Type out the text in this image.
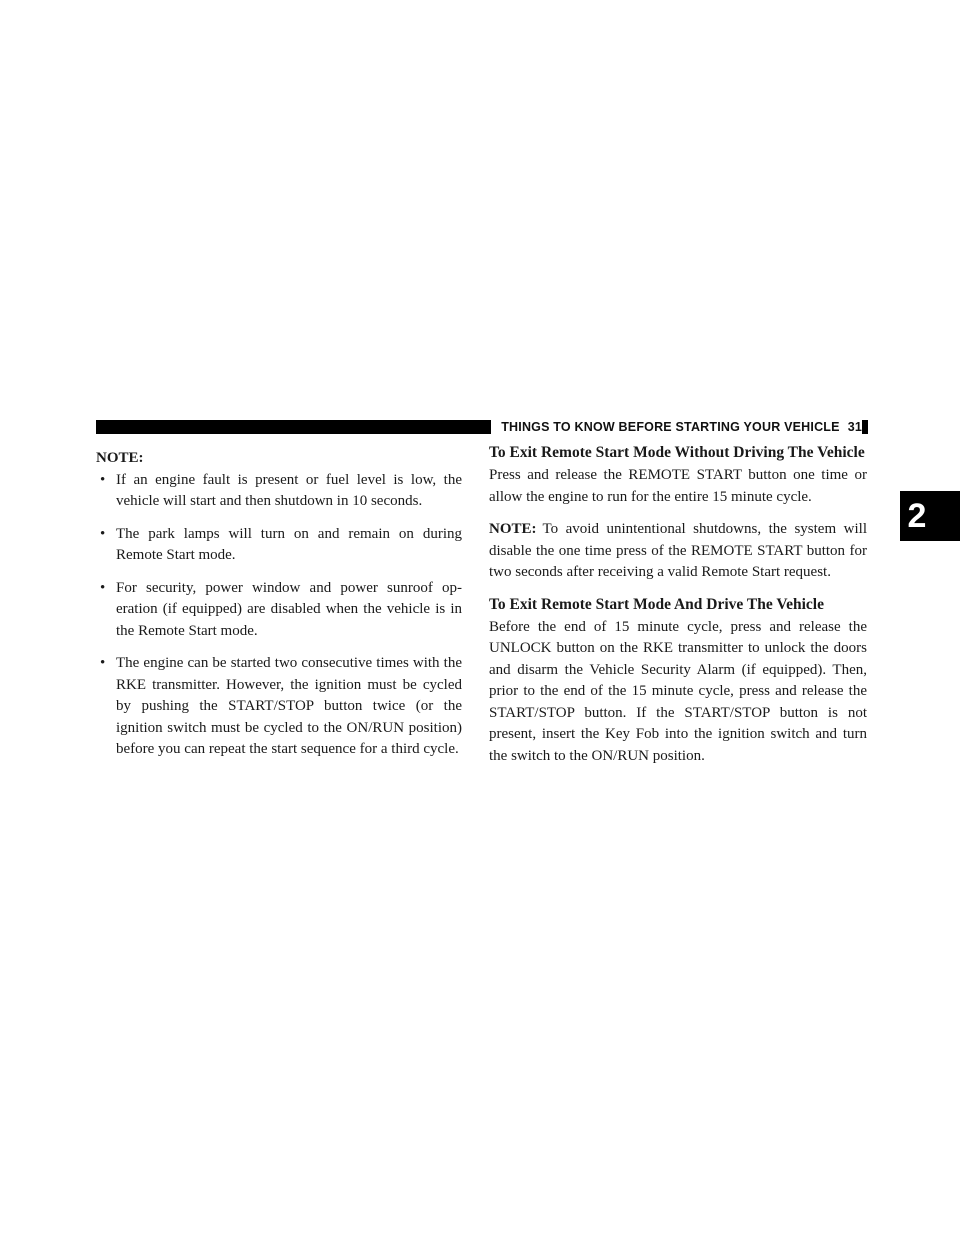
THINGS TO KNOW BEFORE STARTING YOUR VEHICLE 31
2

NOTE:

• If an engine fault is present or fuel level is low, the vehicle will start and then shutdown in 10 seconds.
• The park lamps will turn on and remain on during Remote Start mode.
• For security, power window and power sunroof op-eration (if equipped) are disabled when the vehicle is in the Remote Start mode.
• The engine can be started two consecutive times with the RKE transmitter. However, the ignition must be cycled by pushing the START/STOP button twice (or the ignition switch must be cycled to the ON/RUN position) before you can repeat the start sequence for a third cycle.

To Exit Remote Start Mode Without Driving The Vehicle

Press and release the REMOTE START button one time or allow the engine to run for the entire 15 minute cycle.

NOTE: To avoid unintentional shutdowns, the system will disable the one time press of the REMOTE START button for two seconds after receiving a valid Remote Start request.

To Exit Remote Start Mode And Drive The Vehicle

Before the end of 15 minute cycle, press and release the UNLOCK button on the RKE transmitter to unlock the doors and disarm the Vehicle Security Alarm (if equipped). Then, prior to the end of the 15 minute cycle, press and release the START/STOP button. If the START/STOP button is not present, insert the Key Fob into the ignition switch and turn the switch to the ON/RUN position.
